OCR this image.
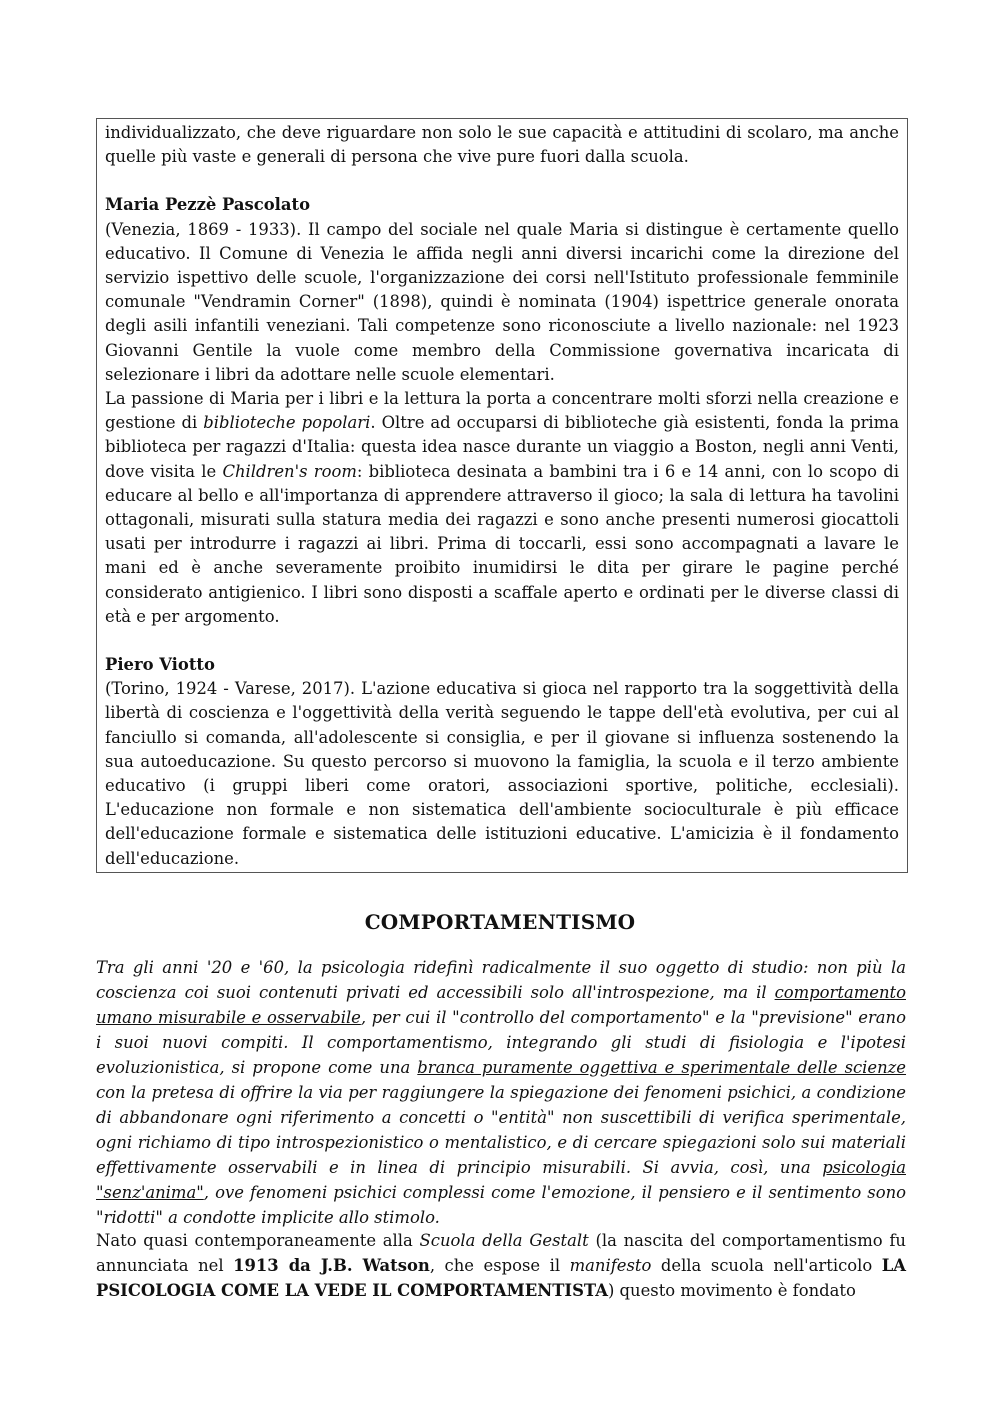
individualizzato, che deve riguardare non solo le sue capacità e attitudini di scolaro, ma anche quelle più vaste e generali di persona che vive pure fuori dalla scuola.

Maria Pezzè Pascolato

(Venezia, 1869 - 1933). Il campo del sociale nel quale Maria si distingue è certamente quello educativo. Il Comune di Venezia le affida negli anni diversi incarichi come la direzione del servizio ispettivo delle scuole, l'organizzazione dei corsi nell'Istituto professionale femminile comunale "Vendramin Corner" (1898), quindi è nominata (1904) ispettrice generale onorata degli asili infantili veneziani. Tali competenze sono riconosciute a livello nazionale: nel 1923 Giovanni Gentile la vuole come membro della Commissione governativa incaricata di selezionare i libri da adottare nelle scuole elementari.

La passione di Maria per i libri e la lettura la porta a concentrare molti sforzi nella creazione e gestione di biblioteche popolari. Oltre ad occuparsi di biblioteche già esistenti, fonda la prima biblioteca per ragazzi d'Italia: questa idea nasce durante un viaggio a Boston, negli anni Venti, dove visita le Children's room: biblioteca desinata a bambini tra i 6 e 14 anni, con lo scopo di educare al bello e all'importanza di apprendere attraverso il gioco; la sala di lettura ha tavolini ottagonali, misurati sulla statura media dei ragazzi e sono anche presenti numerosi giocattoli usati per introdurre i ragazzi ai libri. Prima di toccarli, essi sono accompagnati a lavare le mani ed è anche severamente proibito inumidirsi le dita per girare le pagine perché considerato antigienico. I libri sono disposti a scaffale aperto e ordinati per le diverse classi di età e per argomento.

Piero Viotto

(Torino, 1924 - Varese, 2017). L'azione educativa si gioca nel rapporto tra la soggettività della libertà di coscienza e l'oggettività della verità seguendo le tappe dell'età evolutiva, per cui al fanciullo si comanda, all'adolescente si consiglia, e per il giovane si influenza sostenendo la sua autoeducazione. Su questo percorso si muovono la famiglia, la scuola e il terzo ambiente educativo (i gruppi liberi come oratori, associazioni sportive, politiche, ecclesiali). L'educazione non formale e non sistematica dell'ambiente socioculturale è più efficace dell'educazione formale e sistematica delle istituzioni educative. L'amicizia è il fondamento dell'educazione.

COMPORTAMENTISMO

Tra gli anni '20 e '60, la psicologia ridefinì radicalmente il suo oggetto di studio: non più la coscienza coi suoi contenuti privati ed accessibili solo all'introspezione, ma il comportamento umano misurabile e osservabile, per cui il "controllo del comportamento" e la "previsione" erano i suoi nuovi compiti. Il comportamentismo, integrando gli studi di fisiologia e l'ipotesi evoluzionistica, si propone come una branca puramente oggettiva e sperimentale delle scienze con la pretesa di offrire la via per raggiungere la spiegazione dei fenomeni psichici, a condizione di abbandonare ogni riferimento a concetti o "entità" non suscettibili di verifica sperimentale, ogni richiamo di tipo introspezionistico o mentalistico, e di cercare spiegazioni solo sui materiali effettivamente osservabili e in linea di principio misurabili. Si avvia, così, una psicologia "senz'anima", ove fenomeni psichici complessi come l'emozione, il pensiero e il sentimento sono "ridotti" a condotte implicite allo stimolo.

Nato quasi contemporaneamente alla Scuola della Gestalt (la nascita del comportamentismo fu annunciata nel 1913 da J.B. Watson, che espose il manifesto della scuola nell'articolo LA PSICOLOGIA COME LA VEDE IL COMPORTAMENTISTA) questo movimento è fondato
